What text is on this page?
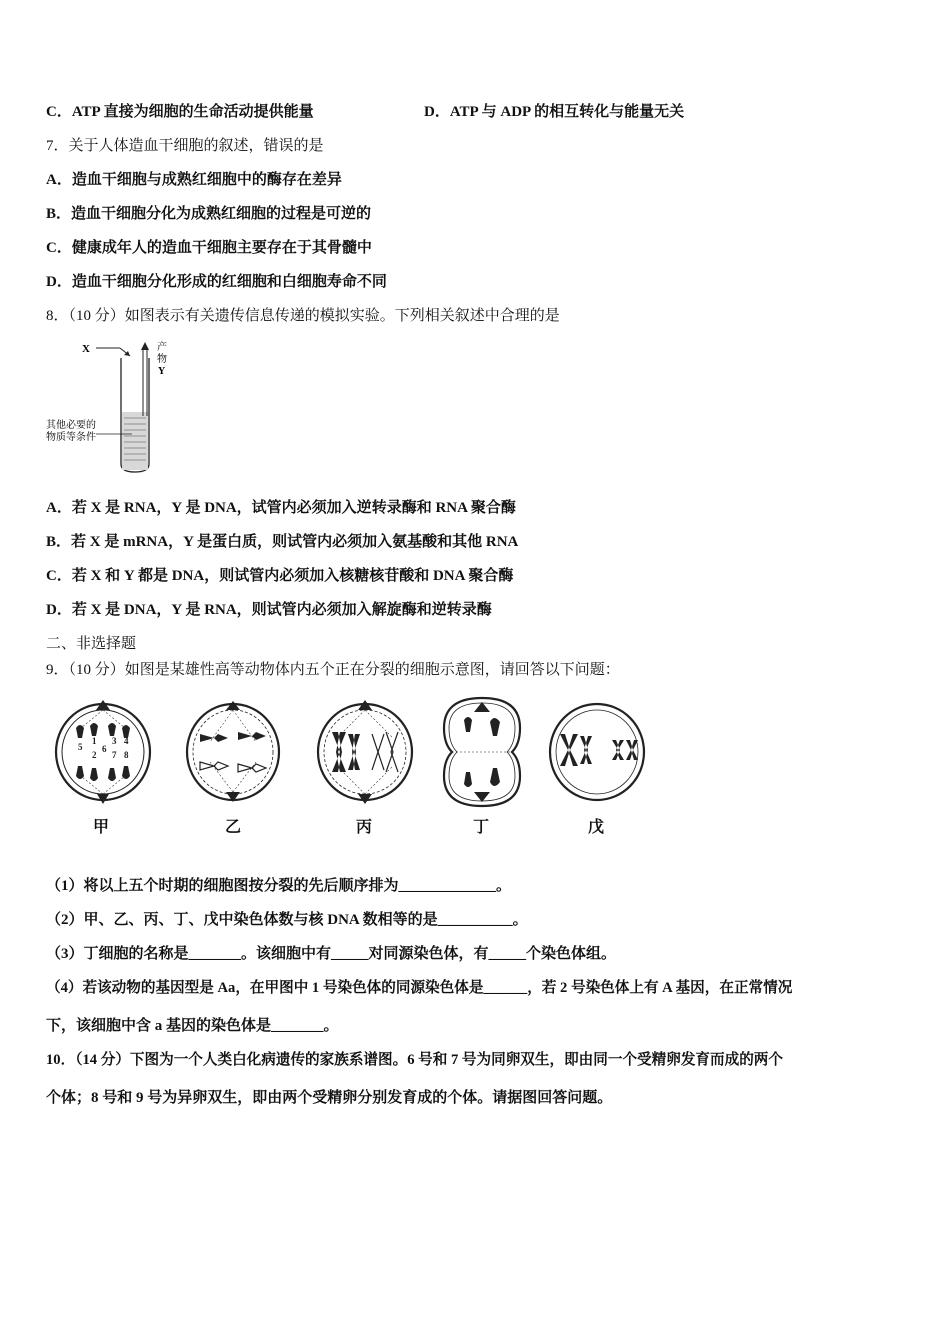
C．ATP 直接为细胞的生命活动提供能量	D．ATP 与 ADP 的相互转化与能量无关
7．关于人体造血干细胞的叙述，错误的是
A．造血干细胞与成熟红细胞中的酶存在差异
B．造血干细胞分化为成熟红细胞的过程是可逆的
C．健康成年人的造血干细胞主要存在于其骨髓中
D．造血干细胞分化形成的红细胞和白细胞寿命不同
8．（10 分）如图表示有关遗传信息传递的模拟实验。下列相关叙述中合理的是
X	产
物
Y
其他必要的
物质等条件
A．若 X 是 RNA，Y 是 DNA，试管内必须加入逆转录酶和 RNA 聚合酶
B．若 X 是 mRNA，Y 是蛋白质，则试管内必须加入氨基酸和其他 RNA
C．若 X 和 Y 都是 DNA，则试管内必须加入核糖核苷酸和 DNA 聚合酶
D．若 X 是 DNA，Y 是 RNA，则试管内必须加入解旋酶和逆转录酶
二、非选择题
9．（10 分）如图是某雄性高等动物体内五个正在分裂的细胞示意图，请回答以下问题：
5
1
2
6
3
7
4
8
甲	乙	丙	丁	戊
（1）将以上五个时期的细胞图按分裂的先后顺序排为_____________。
（2）甲、乙、丙、丁、戊中染色体数与核 DNA 数相等的是__________。
（3）丁细胞的名称是_______。该细胞中有_____对同源染色体，有_____个染色体组。
（4）若该动物的基因型是 Aa，在甲图中 1 号染色体的同源染色体是______，若 2 号染色体上有 A 基因，在正常情况
下，该细胞中含 a 基因的染色体是_______。
10．（14 分）下图为一个人类白化病遗传的家族系谱图。6 号和 7 号为同卵双生，即由同一个受精卵发育而成的两个
个体；8 号和 9 号为异卵双生，即由两个受精卵分别发育成的个体。请据图回答问题。
